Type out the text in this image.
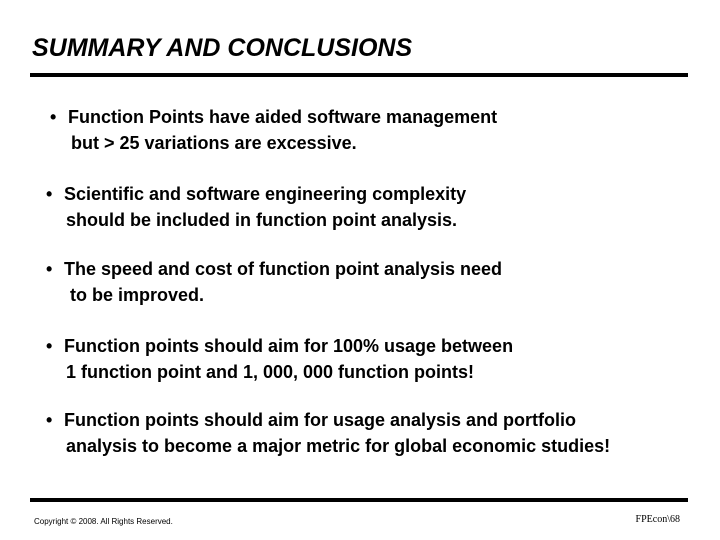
SUMMARY AND CONCLUSIONS
• Function Points have aided software management
but > 25 variations are excessive.
• Scientific and software engineering complexity
should be included in function point analysis.
• The speed and cost of function point analysis need
to be improved.
• Function points should aim for 100% usage between
1 function point and 1, 000, 000 function points!
• Function points should aim for usage analysis and portfolio
analysis to become a major metric for global economic studies!
Copyright © 2008. All Rights Reserved.	FPEcon\68
